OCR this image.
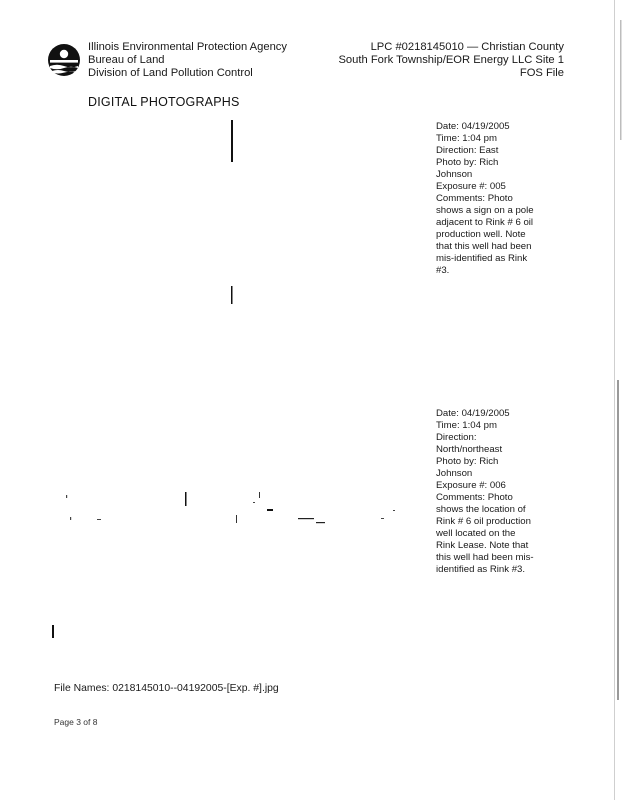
Illinois Environmental Protection Agency
Bureau of Land
Division of Land Pollution Control
LPC #0218145010 — Christian County
South Fork Township/EOR Energy LLC Site 1
FOS File
DIGITAL PHOTOGRAPHS
Date: 04/19/2005
Time: 1:04 pm
Direction: East
Photo by: Rich
Johnson
Exposure #: 005
Comments: Photo
shows a sign on a pole
adjacent to Rink # 6 oil
production well. Note
that this well had been
mis-identified as Rink
#3.
Date: 04/19/2005
Time: 1:04 pm
Direction:
North/northeast
Photo by: Rich
Johnson
Exposure #: 006
Comments: Photo
shows the location of
Rink # 6 oil production
well located on the
Rink Lease. Note that
this well had been mis-
identified as Rink #3.
File Names: 0218145010--04192005-[Exp. #].jpg
Page 3 of 8
